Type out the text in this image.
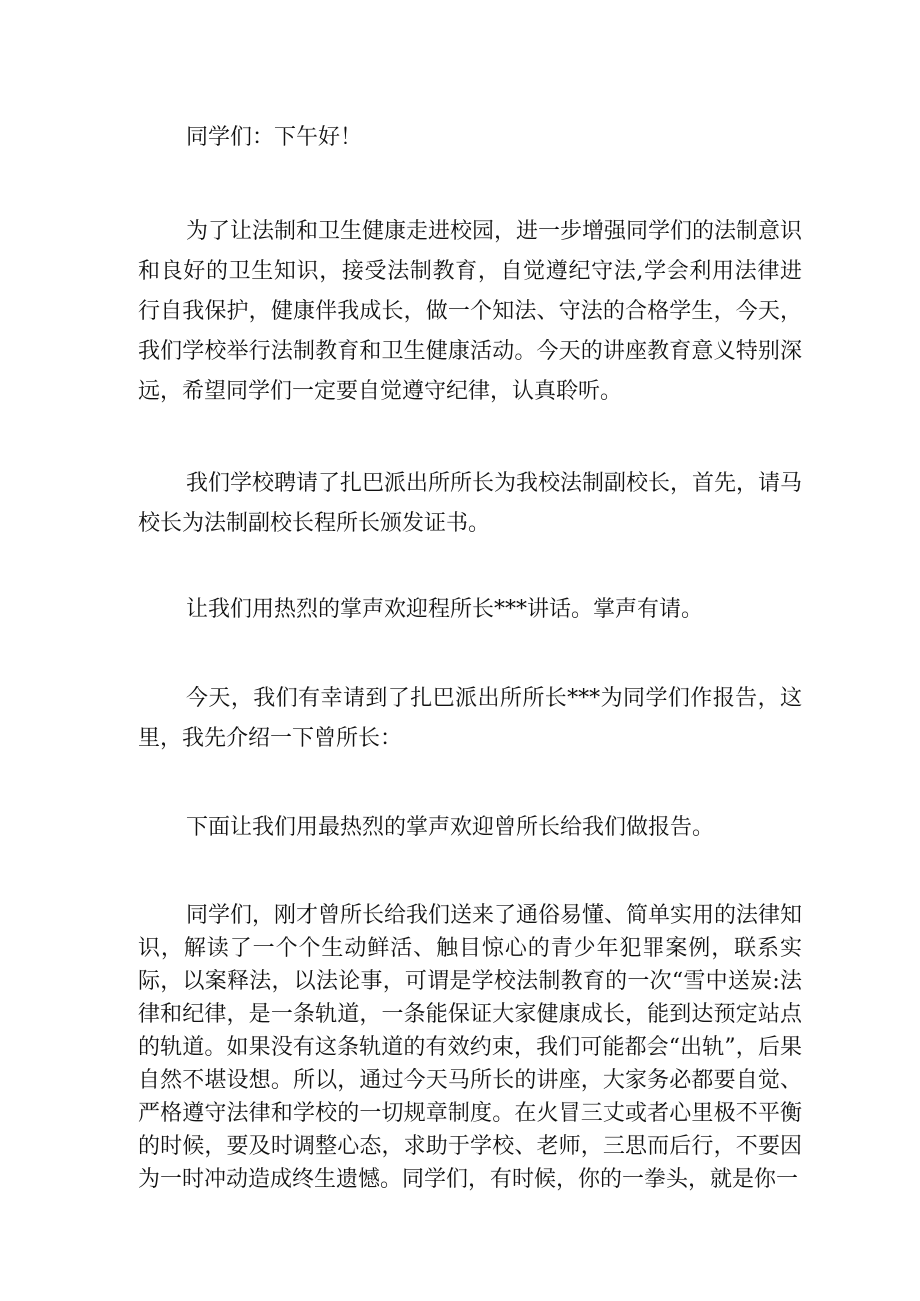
同学们：下午好！

为了让法制和卫生健康走进校园，进一步增强同学们的法制意识和良好的卫生知识，接受法制教育，自觉遵纪守法,学会利用法律进行自我保护，健康伴我成长，做一个知法、守法的合格学生，今天，我们学校举行法制教育和卫生健康活动。今天的讲座教育意义特别深远，希望同学们一定要自觉遵守纪律，认真聆听。

我们学校聘请了扎巴派出所所长为我校法制副校长，首先，请马校长为法制副校长程所长颁发证书。

让我们用热烈的掌声欢迎程所长***讲话。掌声有请。

今天，我们有幸请到了扎巴派出所所长***为同学们作报告，这里，我先介绍一下曾所长：

下面让我们用最热烈的掌声欢迎曾所长给我们做报告。

同学们，刚才曾所长给我们送来了通俗易懂、简单实用的法律知识，解读了一个个生动鲜活、触目惊心的青少年犯罪案例，联系实际，以案释法，以法论事，可谓是学校法制教育的一次“雪中送炭:法律和纪律，是一条轨道，一条能保证大家健康成长，能到达预定站点的轨道。如果没有这条轨道的有效约束，我们可能都会“出轨”，后果自然不堪设想。所以，通过今天马所长的讲座，大家务必都要自觉、严格遵守法律和学校的一切规章制度。在火冒三丈或者心里极不平衡的时候，要及时调整心态，求助于学校、老师，三思而后行，不要因为一时冲动造成终生遗憾。同学们，有时候，你的一拳头，就是你一
